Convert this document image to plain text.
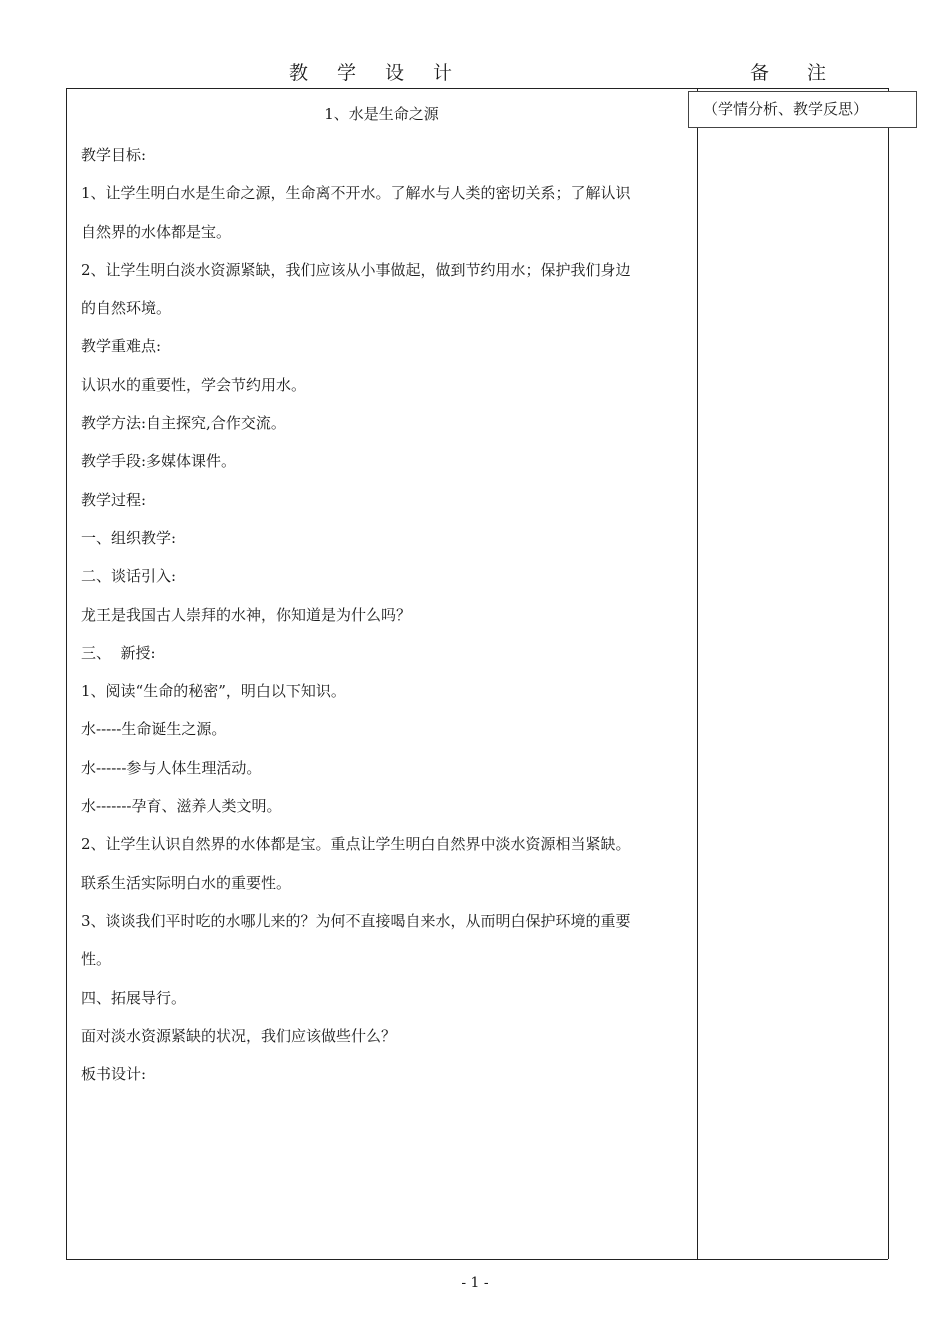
教学设计	备注
（学情分析、教学反思）
1、水是生命之源

教学目标:

1、让学生明白水是生命之源，生命离不开水。了解水与人类的密切关系；了解认识

自然界的水体都是宝。

2、让学生明白淡水资源紧缺，我们应该从小事做起，做到节约用水；保护我们身边

的自然环境。

教学重难点:

认识水的重要性，学会节约用水。

教学方法:自主探究,合作交流。

教学手段:多媒体课件。

教学过程:

一、组织教学:

二、谈话引入:

龙王是我国古人崇拜的水神，你知道是为什么吗？

三、  新授:

1、阅读“生命的秘密”，明白以下知识。

水-----生命诞生之源。

水------参与人体生理活动。

水-------孕育、滋养人类文明。

2、让学生认识自然界的水体都是宝。重点让学生明白自然界中淡水资源相当紧缺。

联系生活实际明白水的重要性。

3、谈谈我们平时吃的水哪儿来的？为何不直接喝自来水，从而明白保护环境的重要

性。

四、拓展导行。

面对淡水资源紧缺的状况，我们应该做些什么？

板书设计:

- 1 -
